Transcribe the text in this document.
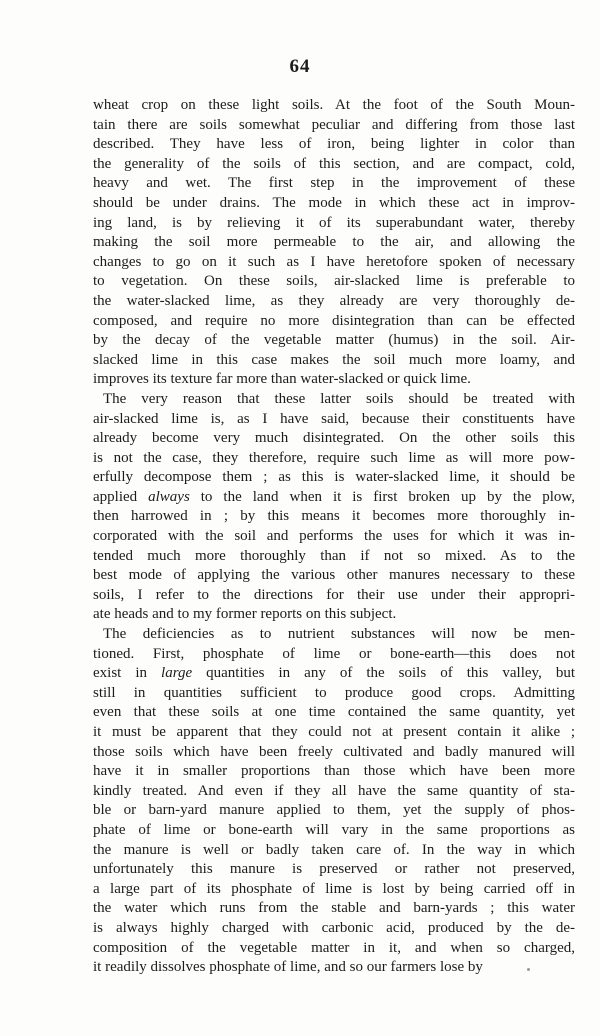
64
wheat crop on these light soils. At the foot of the South Moun-
tain there are soils somewhat peculiar and differing from those last
described. They have less of iron, being lighter in color than
the generality of the soils of this section, and are compact, cold,
heavy and wet. The first step in the improvement of these
should be under drains. The mode in which these act in improv-
ing land, is by relieving it of its superabundant water, thereby
making the soil more permeable to the air, and allowing the
changes to go on it such as I have heretofore spoken of necessary
to vegetation. On these soils, air-slacked lime is preferable to
the water-slacked lime, as they already are very thoroughly de-
composed, and require no more disintegration than can be effected
by the decay of the vegetable matter (humus) in the soil. Air-
slacked lime in this case makes the soil much more loamy, and
improves its texture far more than water-slacked or quick lime.
The very reason that these latter soils should be treated with
air-slacked lime is, as I have said, because their constituents have
already become very much disintegrated. On the other soils this
is not the case, they therefore, require such lime as will more pow-
erfully decompose them ; as this is water-slacked lime, it should be
applied always to the land when it is first broken up by the plow,
then harrowed in ; by this means it becomes more thoroughly in-
corporated with the soil and performs the uses for which it was in-
tended much more thoroughly than if not so mixed. As to the
best mode of applying the various other manures necessary to these
soils, I refer to the directions for their use under their appropri-
ate heads and to my former reports on this subject.
The deficiencies as to nutrient substances will now be men-
tioned. First, phosphate of lime or bone-earth—this does not
exist in large quantities in any of the soils of this valley, but
still in quantities sufficient to produce good crops. Admitting
even that these soils at one time contained the same quantity, yet
it must be apparent that they could not at present contain it alike ;
those soils which have been freely cultivated and badly manured will
have it in smaller proportions than those which have been more
kindly treated. And even if they all have the same quantity of sta-
ble or barn-yard manure applied to them, yet the supply of phos-
phate of lime or bone-earth will vary in the same proportions as
the manure is well or badly taken care of. In the way in which
unfortunately this manure is preserved or rather not preserved,
a large part of its phosphate of lime is lost by being carried off in
the water which runs from the stable and barn-yards ; this water
is always highly charged with carbonic acid, produced by the de-
composition of the vegetable matter in it, and when so charged,
it readily dissolves phosphate of lime, and so our farmers lose by
